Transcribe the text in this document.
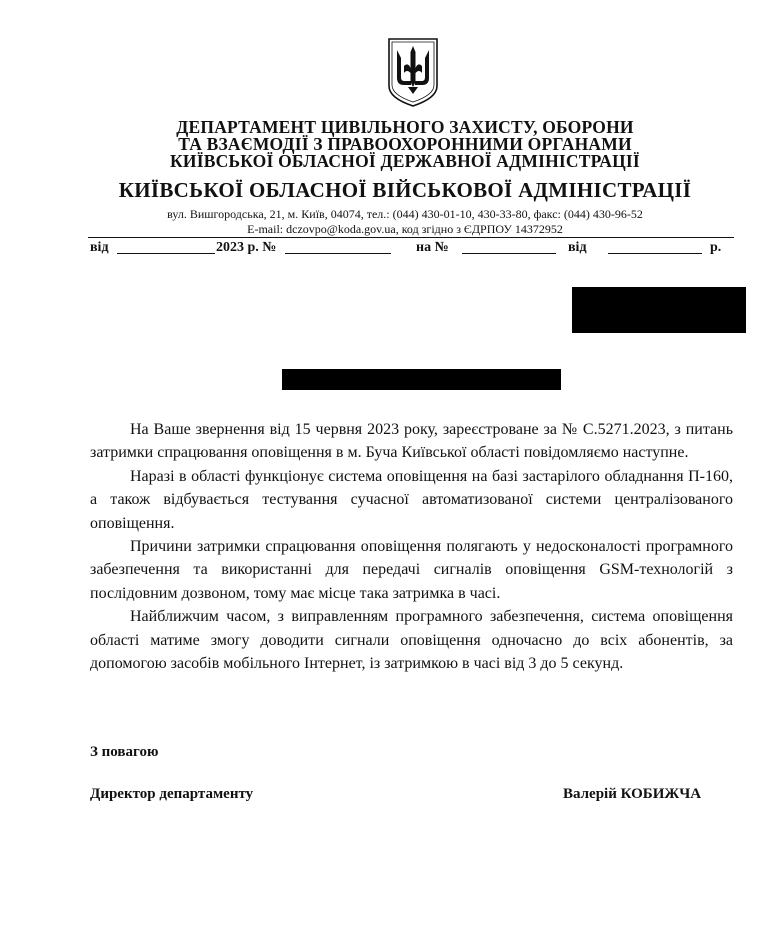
ДЕПАРТАМЕНТ ЦИВІЛЬНОГО ЗАХИСТУ, ОБОРОНИ
ТА ВЗАЄМОДІЇ З ПРАВООХОРОННИМИ ОРГАНАМИ
КИЇВСЬКОЇ ОБЛАСНОЇ ДЕРЖАВНОЇ АДМІНІСТРАЦІЇ
КИЇВСЬКОЇ ОБЛАСНОЇ ВІЙСЬКОВОЇ АДМІНІСТРАЦІЇ
вул. Вишгородська, 21, м. Київ, 04074, тел.: (044) 430-01-10, 430-33-80, факс: (044) 430-96-52
E-mail: dczovpo@koda.gov.ua, код згідно з ЄДРПОУ 14372952
від	2023 р. №	на №	від	р.

На Ваше звернення від 15 червня 2023 року, зареєстроване за № С.5271.2023, з питань затримки спрацювання оповіщення в м. Буча Київської області повідомляємо наступне.

Наразі в області функціонує система оповіщення на базі застарілого обладнання П-160, а також відбувається тестування сучасної автоматизованої системи централізованого оповіщення.

Причини затримки спрацювання оповіщення полягають у недосконалості програмного забезпечення та використанні для передачі сигналів оповіщення GSM-технологій з послідовним дозвоном, тому має місце така затримка в часі.

Найближчим часом, з виправленням програмного забезпечення, система оповіщення області матиме змогу доводити сигнали оповіщення одночасно до всіх абонентів, за допомогою засобів мобільного Інтернет, із затримкою в часі від 3 до 5 секунд.

З повагою
Директор департаменту	Валерій КОБИЖЧА
